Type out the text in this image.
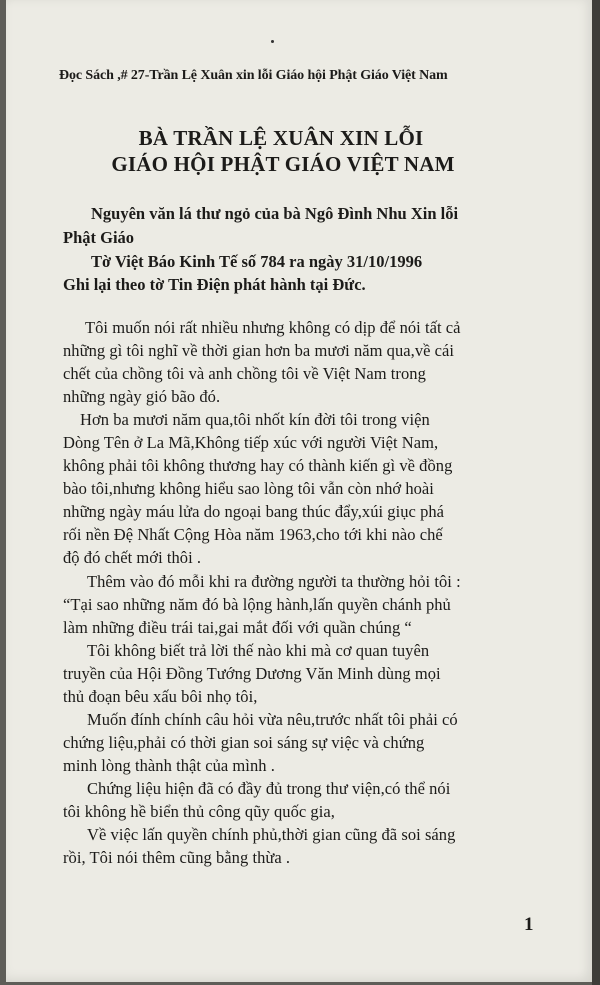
Đọc Sách ,# 27-Trần Lệ Xuân xin lỗi Giáo hội Phật Giáo Việt Nam
BÀ TRẦN LỆ XUÂN XIN LỖI
GIÁO HỘI PHẬT GIÁO VIỆT NAM
Nguyên văn lá thư ngỏ của bà Ngô Đình Nhu Xin lỗi
Phật Giáo
Tờ Việt Báo Kinh Tế số 784 ra ngày 31/10/1996
Ghi lại theo tờ Tin Điện phát hành tại Đức.
Tôi muốn nói rất nhiều nhưng không có dịp để nói tất cả
những gì tôi nghĩ về thời gian hơn ba mươi năm qua,về cái
chết của chồng tôi và anh chồng tôi về Việt Nam trong
những ngày gió bão đó.
Hơn ba mươi năm qua,tôi nhốt kín đời tôi trong viện
Dòng Tên ở La Mã,Không tiếp xúc với người Việt Nam,
không phải tôi không thương hay có thành kiến gì về đồng
bào tôi,nhưng không hiểu sao lòng tôi vẫn còn nhớ hoài
những ngày máu lửa do ngoại bang thúc đẩy,xúi giục phá
rối nền Đệ Nhất Cộng Hòa năm 1963,cho tới khi nào chế
độ đó chết mới thôi .
Thêm vào đó mỗi khi ra đường người ta thường hỏi tôi :
“Tại sao những năm đó bà lộng hành,lấn quyền chánh phủ
làm những điều trái tai,gai mắt đối với quần chúng “
Tôi không biết trả lời thế nào khi mà cơ quan tuyên
truyền của Hội Đồng Tướng Dương Văn Minh dùng mọi
thủ đoạn bêu xấu bôi nhọ tôi,
Muốn đính chính câu hỏi vừa nêu,trước nhất tôi phải có
chứng liệu,phải có thời gian soi sáng sự việc và chứng
minh lòng thành thật của mình .
Chứng liệu hiện đã có đầy đủ trong thư viện,có thể nói
tôi không hề biển thủ công qũy quốc gia,
Về việc lấn quyền chính phủ,thời gian cũng đã soi sáng
rồi, Tôi nói thêm cũng bằng thừa .
1
